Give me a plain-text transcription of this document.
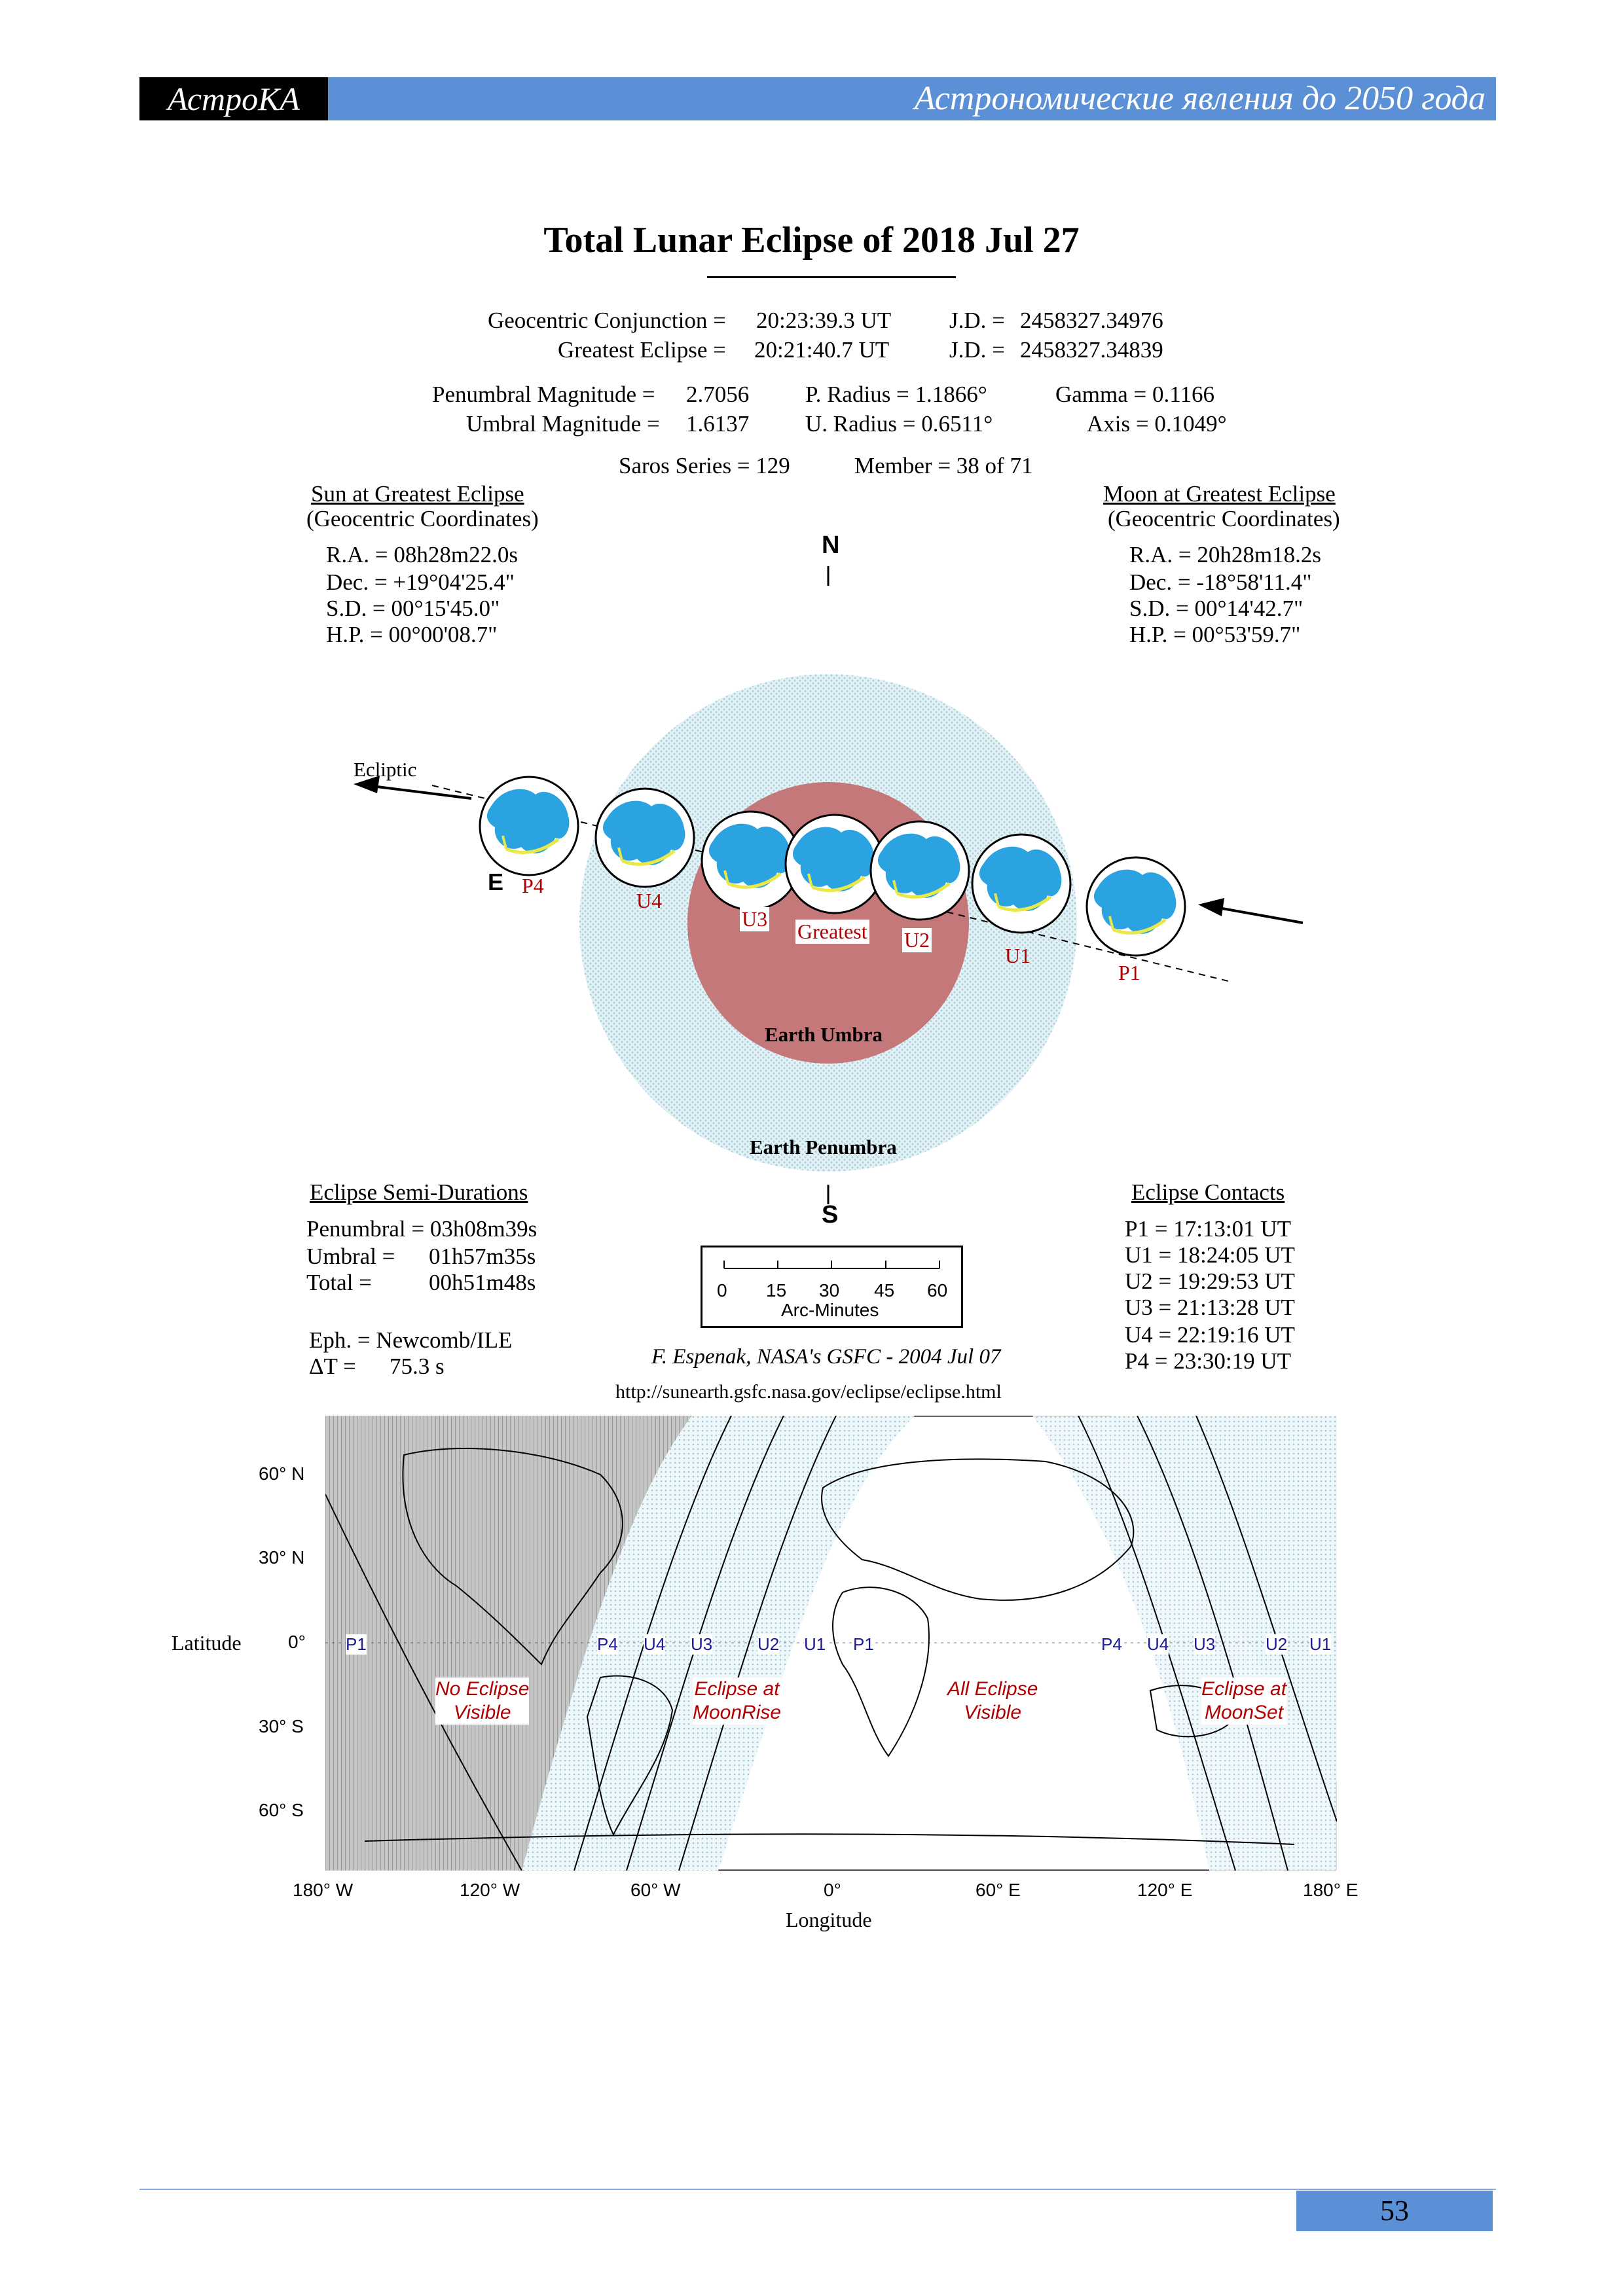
АстроКА	Астрономические явления до 2050 года
Total Lunar Eclipse of 2018 Jul 27
Geocentric Conjunction = 20:23:39.3 UT	J.D. = 2458327.34976
Greatest Eclipse = 20:21:40.7 UT	J.D. = 2458327.34839
Penumbral Magnitude = 2.7056 P. Radius = 1.1866°	Gamma = 0.1166
Umbral Magnitude = 1.6137 U. Radius = 0.6511°	Axis = 0.1049°
Saros Series = 129	Member = 38 of 71
Sun at Greatest Eclipse
(Geocentric Coordinates)
R.A. = 08h28m22.0s
Dec. = +19°04'25.4"
S.D. = 00°15'45.0"
H.P. = 00°00'08.7"
Moon at Greatest Eclipse
(Geocentric Coordinates)
R.A. = 20h28m18.2s
Dec. = -18°58'11.4"
S.D. = 00°14'42.7"
H.P. = 00°53'59.7"
N
S
E
Ecliptic
Earth Umbra
Earth Penumbra
P4
U4
U3
Greatest U2
U1
P1
Eclipse Semi-Durations
Penumbral = 03h08m39s
Umbral = 01h57m35s
Total = 00h51m48s
Eph. = Newcomb/ILE
ΔT = 75.3 s
0 15 30 45 60
Arc-Minutes
Eclipse Contacts
P1 = 17:13:01 UT
U1 = 18:24:05 UT
U2 = 19:29:53 UT
U3 = 21:13:28 UT
U4 = 22:19:16 UT
P4 = 23:30:19 UT
F. Espenak, NASA's GSFC - 2004 Jul 07
http://sunearth.gsfc.nasa.gov/eclipse/eclipse.html
60° N
30° N
0°
30° S
60° S
Latitude
180° W	120° W	60° W	0°	60° E	120° E	180° E
Longitude
No Eclipse
Visible
Eclipse at
MoonRise
All Eclipse
Visible
Eclipse at
MoonSet
P1	P4 U4 U3	U2 U1 P1	P4 U4 U3	U2 U1
53
